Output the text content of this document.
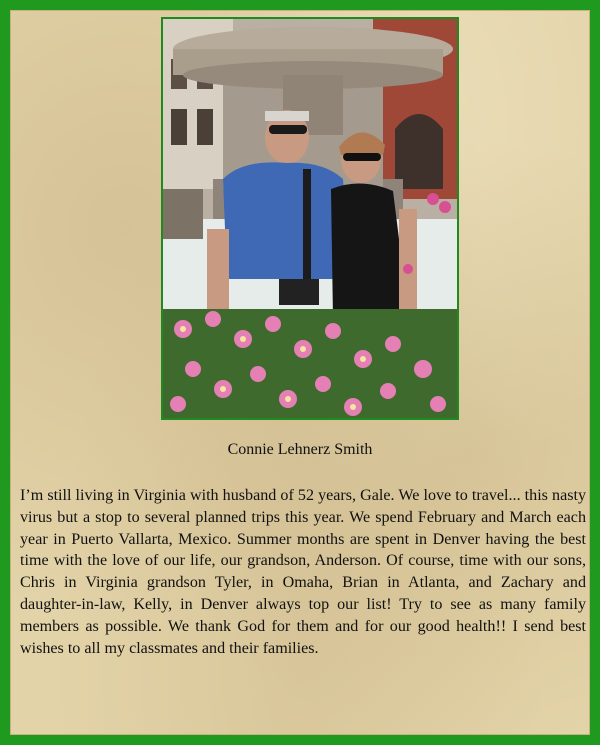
Connie Lehnerz Smith

I’m still living in Virginia with husband of 52 years, Gale. We love to travel... this nasty virus but a stop to several planned trips this year. We spend February and March each year in Puerto Vallarta, Mexico. Summer months are spent in Denver having the best time with the love of our life, our grandson, Anderson. Of course, time with our sons, Chris in Virginia grandson Tyler, in Omaha, Brian in Atlanta, and Zachary and daughter-in-law, Kelly, in Denver always top our list! Try to see as many family members as possible. We thank God for them and for our good health!! I send best wishes to all my classmates and their families.
